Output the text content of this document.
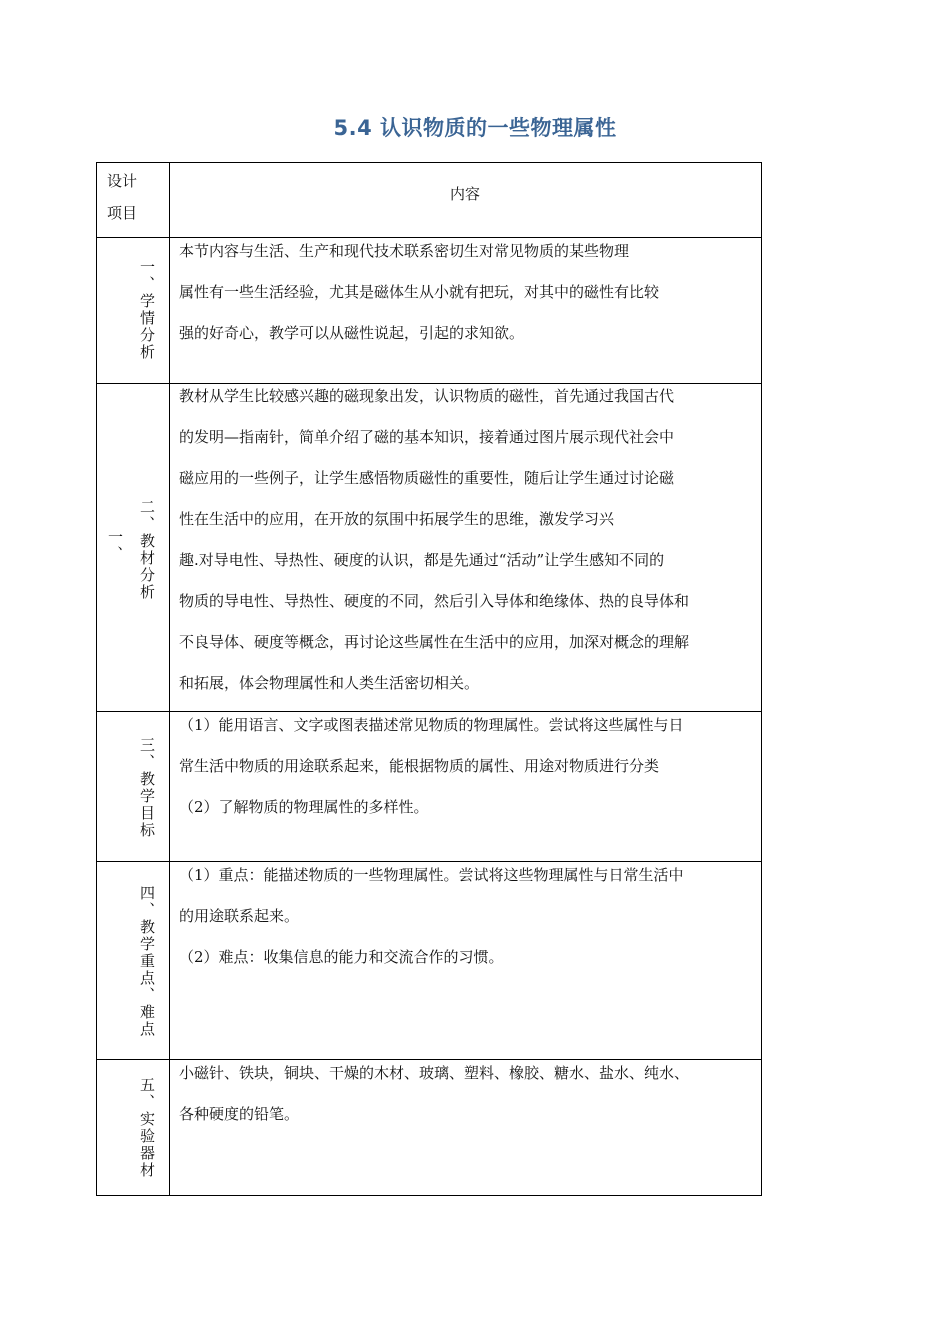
5.4 认识物质的一些物理属性
设计
项目
内容
一、学情分析

本节内容与生活、生产和现代技术联系密切生对常见物质的某些物理

属性有一些生活经验，尤其是磁体生从小就有把玩，对其中的磁性有比较

强的好奇心，教学可以从磁性说起，引起的求知欲。

一、 二、教材分析

教材从学生比较感兴趣的磁现象出发，认识物质的磁性，首先通过我国古代

的发明—指南针，简单介绍了磁的基本知识，接着通过图片展示现代社会中

磁应用的一些例子，让学生感悟物质磁性的重要性，随后让学生通过讨论磁

性在生活中的应用，在开放的氛围中拓展学生的思维，激发学习兴

趣.对导电性、导热性、硬度的认识，都是先通过“活动”让学生感知不同的

物质的导电性、导热性、硬度的不同，然后引入导体和绝缘体、热的良导体和

不良导体、硬度等概念，再讨论这些属性在生活中的应用，加深对概念的理解

和拓展，体会物理属性和人类生活密切相关。

三、教学目标

（1）能用语言、文字或图表描述常见物质的物理属性。尝试将这些属性与日

常生活中物质的用途联系起来，能根据物质的属性、用途对物质进行分类

（2）了解物质的物理属性的多样性。

四、教学重点、难点

（1）重点：能描述物质的一些物理属性。尝试将这些物理属性与日常生活中

的用途联系起来。

（2）难点：收集信息的能力和交流合作的习惯。

五、实验器材

小磁针、铁块，铜块、干燥的木材、玻璃、塑料、橡胶、糖水、盐水、纯水、

各种硬度的铅笔。
